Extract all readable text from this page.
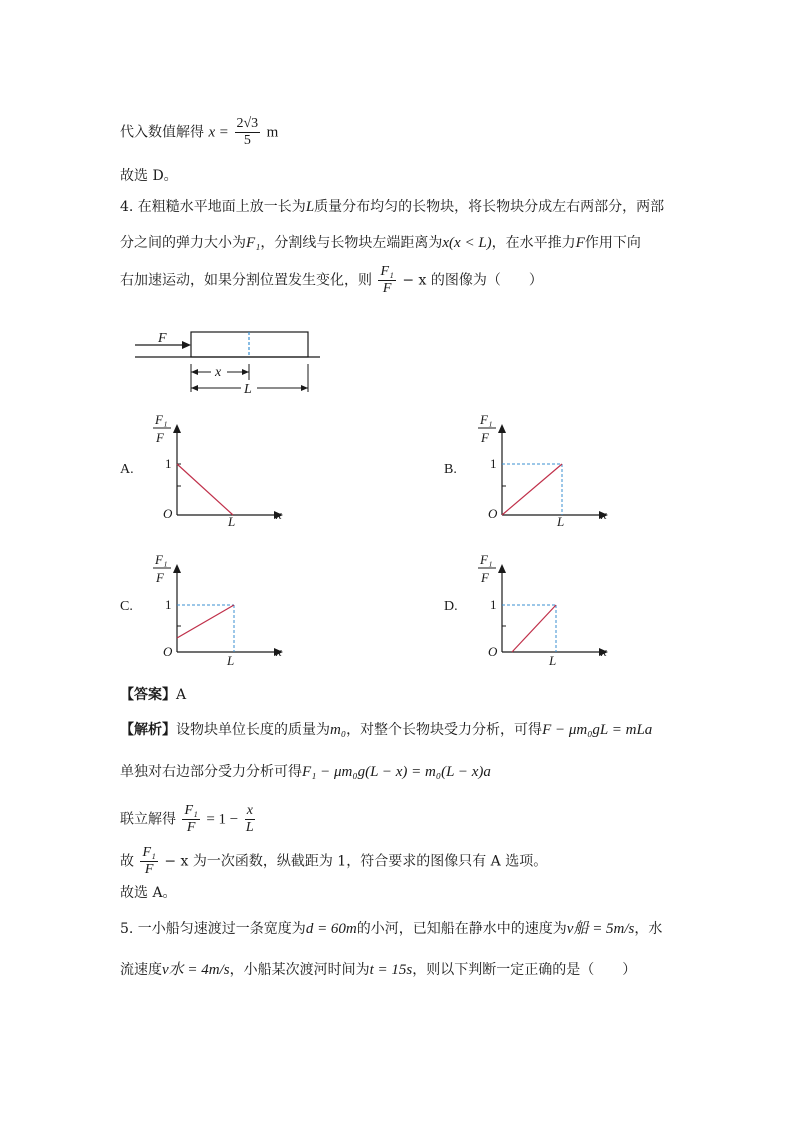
代入数值解得 $x = \frac{2√3}{5}$ m
故选 D。
4. 在粗糙水平地面上放一长为L质量分布均匀的长物块，将长物块分成左右两部分，两部
分之间的弹力大小为F₁，分割线与长物块左端距离为x(x < L)，在水平推力F作用下向
右加速运动，如果分割位置发生变化，则 $\frac{\text{F₁}}{F} - x$ 的图像为（　　）
F
x
L
A.	B.
C.	D.
F₁
F
1
O
L	x
F₁
F
1
O
L	x
F₁
F
1
O
L
x
F₁
F
1
O
L
x
【答案】A
【解析】设物块单位长度的质量为m₀，对整个长物块受力分析，可得F − μm₀gL = mLa
单独对右边部分受力分析可得F₁ − μm₀g(L − x) = m₀(L − x)a
联立解得 $\frac{\text{F₁}}{F} = 1 - \frac{x}{L}$
故 $\frac{\text{F₁}}{F} - x$ 为一次函数，纵截距为 1，符合要求的图像只有 A 选项。
故选 A。
5. 一小船匀速渡过一条宽度为d = 60m的小河，已知船在静水中的速度为v船 = 5m/s，水
流速度v水 = 4m/s，小船某次渡河时间为t = 15s，则以下判断一定正确的是（　　）
